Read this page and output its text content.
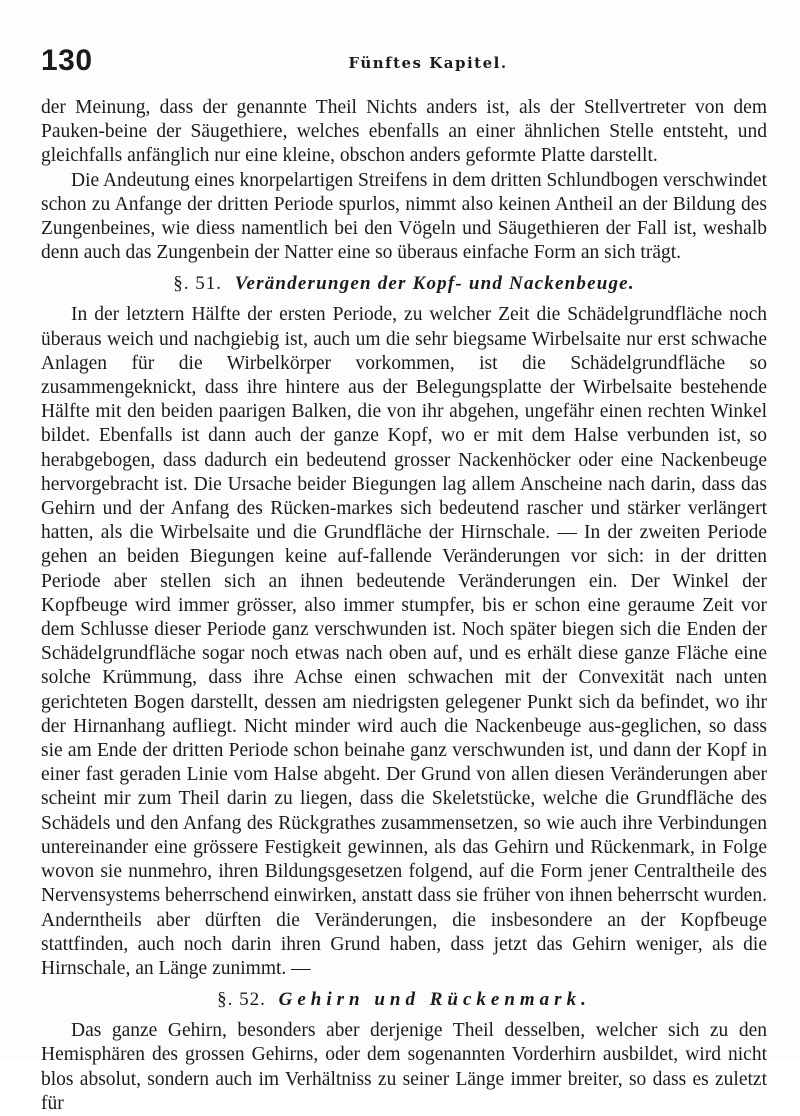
130	Fünftes Kapitel.

der Meinung, dass der genannte Theil Nichts anders ist, als der Stellvertreter von dem Pauken-beine der Säugethiere, welches ebenfalls an einer ähnlichen Stelle entsteht, und gleichfalls anfänglich nur eine kleine, obschon anders geformte Platte darstellt.

Die Andeutung eines knorpelartigen Streifens in dem dritten Schlundbogen verschwindet schon zu Anfange der dritten Periode spurlos, nimmt also keinen Antheil an der Bildung des Zungenbeines, wie diess namentlich bei den Vögeln und Säugethieren der Fall ist, weshalb denn auch das Zungenbein der Natter eine so überaus einfache Form an sich trägt.

§. 51. Veränderungen der Kopf- und Nackenbeuge.

In der letztern Hälfte der ersten Periode, zu welcher Zeit die Schädelgrundfläche noch überaus weich und nachgiebig ist, auch um die sehr biegsame Wirbelsaite nur erst schwache Anlagen für die Wirbelkörper vorkommen, ist die Schädelgrundfläche so zusammengeknickt, dass ihre hintere aus der Belegungsplatte der Wirbelsaite bestehende Hälfte mit den beiden paarigen Balken, die von ihr abgehen, ungefähr einen rechten Winkel bildet. Ebenfalls ist dann auch der ganze Kopf, wo er mit dem Halse verbunden ist, so herabgebogen, dass dadurch ein bedeutend grosser Nackenhöcker oder eine Nackenbeuge hervorgebracht ist. Die Ursache beider Biegungen lag allem Anscheine nach darin, dass das Gehirn und der Anfang des Rücken-markes sich bedeutend rascher und stärker verlängert hatten, als die Wirbelsaite und die Grundfläche der Hirnschale. — In der zweiten Periode gehen an beiden Biegungen keine auf-fallende Veränderungen vor sich: in der dritten Periode aber stellen sich an ihnen bedeutende Veränderungen ein. Der Winkel der Kopfbeuge wird immer grösser, also immer stumpfer, bis er schon eine geraume Zeit vor dem Schlusse dieser Periode ganz verschwunden ist. Noch später biegen sich die Enden der Schädelgrundfläche sogar noch etwas nach oben auf, und es erhält diese ganze Fläche eine solche Krümmung, dass ihre Achse einen schwachen mit der Convexität nach unten gerichteten Bogen darstellt, dessen am niedrigsten gelegener Punkt sich da befindet, wo ihr der Hirnanhang aufliegt. Nicht minder wird auch die Nackenbeuge aus-geglichen, so dass sie am Ende der dritten Periode schon beinahe ganz verschwunden ist, und dann der Kopf in einer fast geraden Linie vom Halse abgeht. Der Grund von allen diesen Veränderungen aber scheint mir zum Theil darin zu liegen, dass die Skeletstücke, welche die Grundfläche des Schädels und den Anfang des Rückgrathes zusammensetzen, so wie auch ihre Verbindungen untereinander eine grössere Festigkeit gewinnen, als das Gehirn und Rückenmark, in Folge wovon sie nunmehro, ihren Bildungsgesetzen folgend, auf die Form jener Centraltheile des Nervensystems beherrschend einwirken, anstatt dass sie früher von ihnen beherrscht wurden. Anderntheils aber dürften die Veränderungen, die insbesondere an der Kopfbeuge stattfinden, auch noch darin ihren Grund haben, dass jetzt das Gehirn weniger, als die Hirnschale, an Länge zunimmt. —

§. 52. Gehirn und Rückenmark.

Das ganze Gehirn, besonders aber derjenige Theil desselben, welcher sich zu den Hemisphären des grossen Gehirns, oder dem sogenannten Vorderhirn ausbildet, wird nicht blos absolut, sondern auch im Verhältniss zu seiner Länge immer breiter, so dass es zuletzt für
